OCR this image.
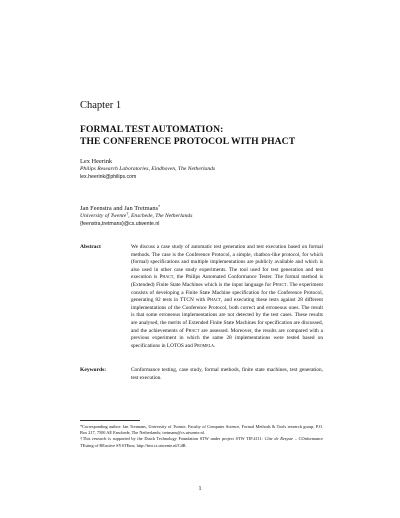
Chapter 1
FORMAL TEST AUTOMATION:
THE CONFERENCE PROTOCOL WITH PHACT
Lex Heerink
Philips Research Laboratories, Eindhoven, The Netherlands
lex.heerink@philips.com
Jan Feenstra and Jan Tretmans*
University of Twente†, Enschede, The Netherlands
{feenstra,tretmans}@cs.utwente.nl
Abstract	We discuss a case study of automatic test generation and test execution based on formal methods. The case is the Conference Protocol, a simple, chatbox-like protocol, for which (formal) specifications and multiple implementations are publicly available and which is also used in other case study experiments. The tool used for test generation and test execution is Phact, the Philips Automated Conformance Tester. The formal method is (Extended) Finite State Machines which is the input language for Phact. The experiment consists of developing a Finite State Machine specification for the Conference Protocol, generating 82 tests in TTCN with Phact, and executing these tests against 28 different implementations of the Conference Protocol, both correct and erroneous ones. The result is that some erroneous implementations are not detected by the test cases. These results are analysed, the merits of Extended Finite State Machines for specification are discussed, and the achievements of Phact are assessed. Moreover, the results are compared with a previous experiment in which the same 28 implementations were tested based on specifications in LOTOS and Promela.

Keywords:	Conformance testing, case study, formal methods, finite state machines, test generation, test execution.

*Corresponding author: Jan Tretmans, University of Twente, Faculty of Computer Science, Formal Methods & Tools research group, P.O. Box 217, 7500 AE Enschede, The Netherlands; tretmans@cs.utwente.nl.

†This research is supported by the Dutch Technology Foundation STW under project STW TIF.4111: Côte de Resyste – COnformance TEsting of REactive SYSTEms; http://fmt.cs.utwente.nl/CdR.

1
